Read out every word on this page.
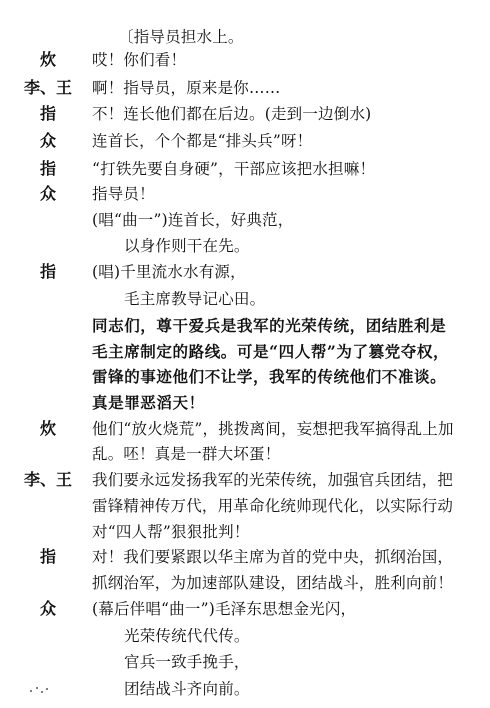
〔指导员担水上。
炊 哎！你们看！
李、王 啊！指导员，原来是你……
指 不！连长他们都在后边。(走到一边倒水)
众 连首长，个个都是“排头兵”呀！
指 “打铁先要自身硬”，干部应该把水担嘛！
众 指导员！
(唱“曲一”)连首长，好典范，
以身作则干在先。
指 (唱)千里流水水有源，
毛主席教导记心田。
同志们，尊干爱兵是我军的光荣传统，团结胜利是
毛主席制定的路线。可是“四人帮”为了篡党夺权，
雷锋的事迹他们不让学，我军的传统他们不准谈。
真是罪恶滔天！
炊 他们“放火烧荒”，挑拨离间，妄想把我军搞得乱上加
乱。呸！真是一群大坏蛋！
李、王 我们要永远发扬我军的光荣传统，加强官兵团结，把
雷锋精神传万代，用革命化统帅现代化，以实际行动
对“四人帮”狠狠批判！
指 对！我们要紧跟以华主席为首的党中央，抓纲治国，
抓纲治军，为加速部队建设，团结战斗，胜利向前！
众 (幕后伴唱“曲一”)毛泽东思想金光闪，
光荣传统代代传。
官兵一致手挽手，
团结战斗齐向前。
